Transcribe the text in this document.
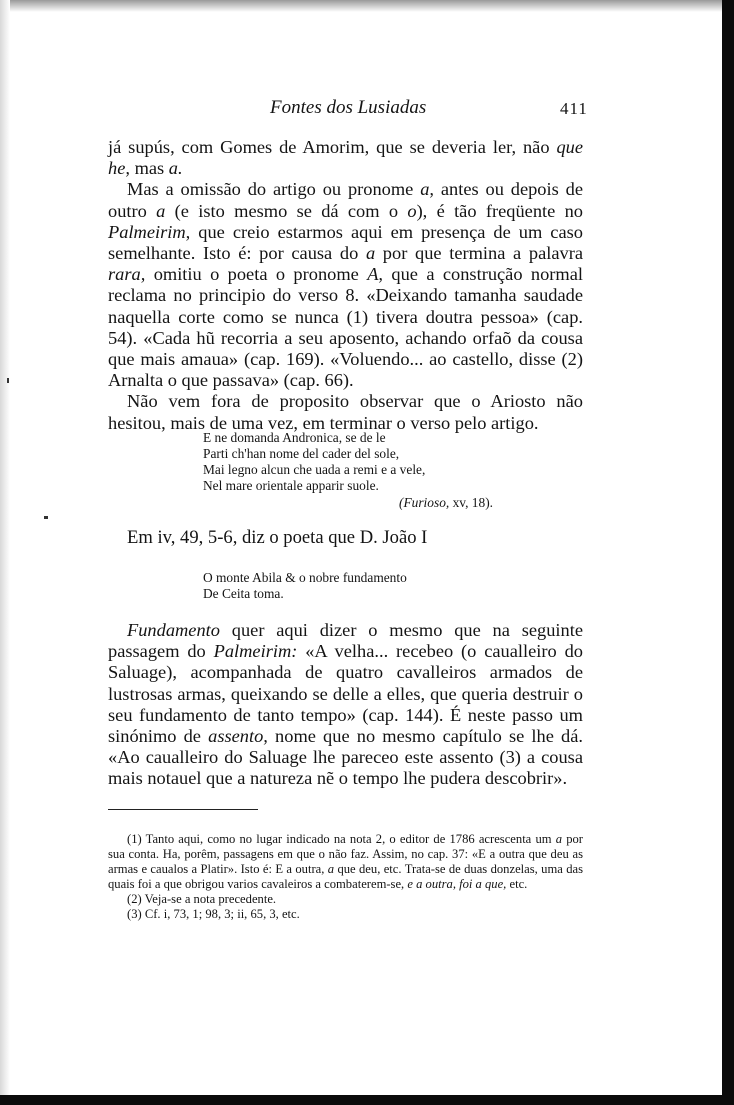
Fontes dos Lusiadas	411

já supús, com Gomes de Amorim, que se deveria ler, não que he, mas a.

Mas a omissão do artigo ou pronome a, antes ou depois de outro a (e isto mesmo se dá com o o), é tão freqüente no Palmeirim, que creio estarmos aqui em presença de um caso semelhante. Isto é: por causa do a por que termina a palavra rara, omitiu o poeta o pronome A, que a construção normal reclama no principio do verso 8. «Deixando tamanha saudade naquella corte como se nunca (1) tivera doutra pessoa» (cap. 54). «Cada hũ recorria a seu aposento, achando orfaõ da cousa que mais amaua» (cap. 169). «Voluendo... ao castello, disse (2) Arnalta o que passava» (cap. 66).

Não vem fora de proposito observar que o Ariosto não hesitou, mais de uma vez, em terminar o verso pelo artigo.

E ne domanda Andronica, se de le
Parti ch'han nome del cader del sole,
Mai legno alcun che uada a remi e a vele,
Nel mare orientale apparir suole.
(Furioso, xv, 18).
Em iv, 49, 5-6, diz o poeta que D. João I
O monte Abila & o nobre fundamento
De Ceita toma.

Fundamento quer aqui dizer o mesmo que na seguinte passagem do Palmeirim: «A velha... recebeo (o caualleiro do Saluage), acompanhada de quatro cavalleiros armados de lustrosas armas, queixando se delle a elles, que queria destruir o seu fundamento de tanto tempo» (cap. 144). É neste passo um sinónimo de assento, nome que no mesmo capítulo se lhe dá. «Ao caualleiro do Saluage lhe pareceo este assento (3) a cousa mais notauel que a natureza nẽ o tempo lhe pudera descobrir».

(1) Tanto aqui, como no lugar indicado na nota 2, o editor de 1786 acrescenta um a por sua conta. Ha, porêm, passagens em que o não faz. Assim, no cap. 37: «E a outra que deu as armas e caualos a Platir». Isto é: E a outra, a que deu, etc. Trata-se de duas donzelas, uma das quais foi a que obrigou varios cavaleiros a combaterem-se, e a outra, foi a que, etc.

(2) Veja-se a nota precedente.

(3) Cf. i, 73, 1; 98, 3; ii, 65, 3, etc.
